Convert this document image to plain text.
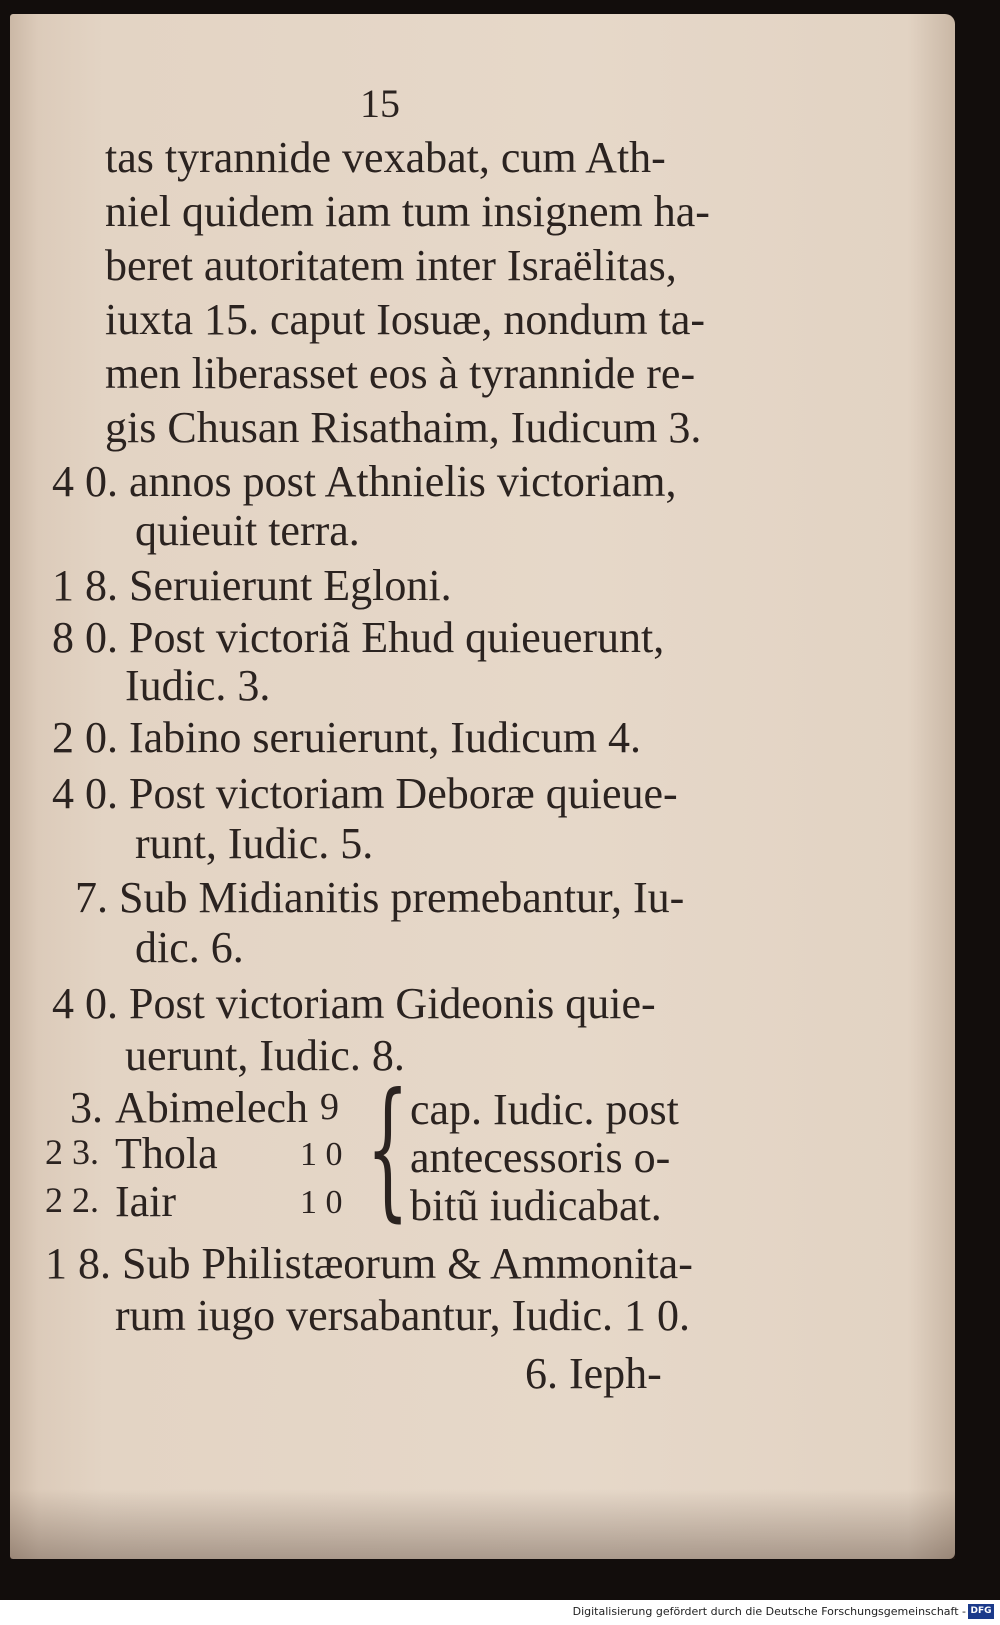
15
tas tyrannide vexabat, cum Ath-
niel quidem iam tum insignem ha-
beret autoritatem inter Israëlitas,
iuxta 15. caput Iosuæ, nondum ta-
men liberasset eos à tyrannide re-
gis Chusan Risathaim, Iudicum 3.
4 0. annos post Athnielis victoriam,
quieuit terra.
1 8. Seruierunt Egloni.
8 0. Post victoriã Ehud quieuerunt,
Iudic. 3.
2 0. Iabino seruierunt, Iudicum 4.
4 0. Post victoriam Deboræ quieue-
runt, Iudic. 5.
7. Sub Midianitis premebantur, Iu-
dic. 6.
4 0. Post victoriam Gideonis quie-
uerunt, Iudic. 8.
3. Abimelech 9
2 3. Thola 1 0
2 2. Iair	1 0 { cap. Iudic. post
antecessoris o-
bitũ iudicabat.
1 8. Sub Philistæorum & Ammonita-
rum iugo versabantur, Iudic. 1 0.
6. Ieph-
Digitalisierung gefördert durch die Deutsche Forschungsgemeinschaft - DFG
